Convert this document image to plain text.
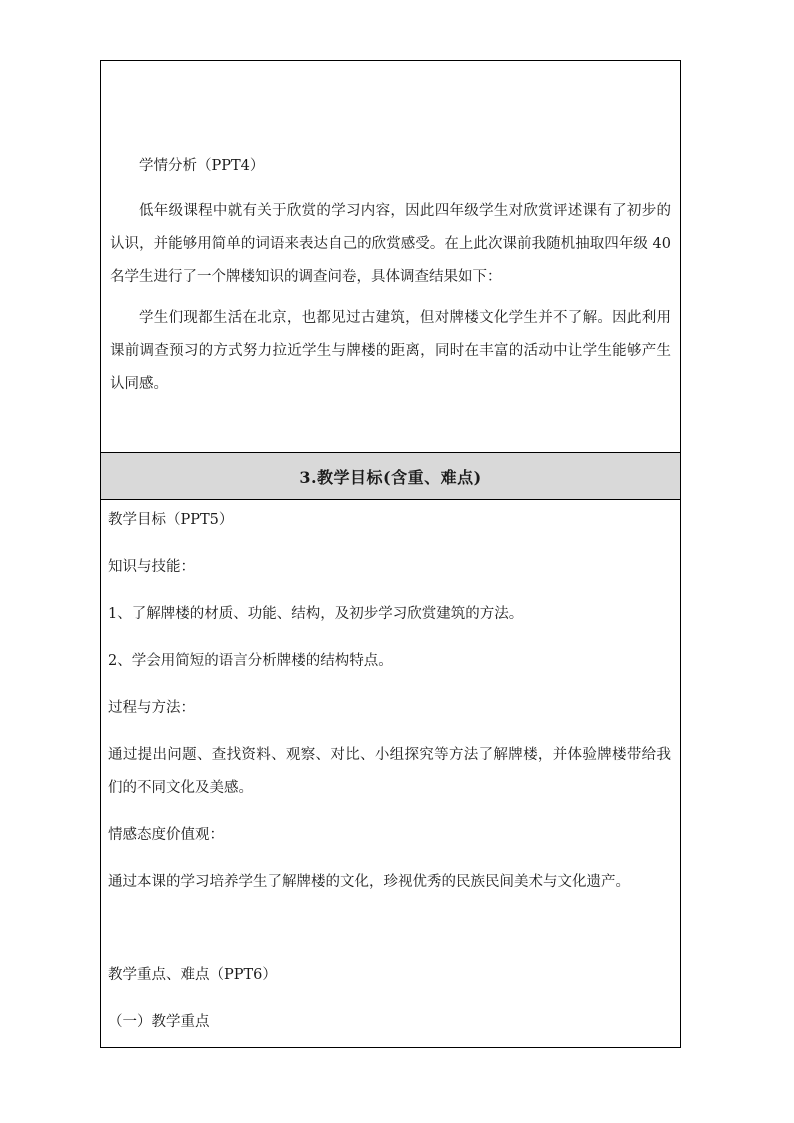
学情分析（PPT4）

低年级课程中就有关于欣赏的学习内容，因此四年级学生对欣赏评述课有了初步的认识，并能够用简单的词语来表达自己的欣赏感受。在上此次课前我随机抽取四年级 40 名学生进行了一个牌楼知识的调查问卷，具体调查结果如下：

学生们现都生活在北京，也都见过古建筑，但对牌楼文化学生并不了解。因此利用课前调查预习的方式努力拉近学生与牌楼的距离，同时在丰富的活动中让学生能够产生认同感。

3.教学目标(含重、难点)

教学目标（PPT5）

知识与技能：

1、了解牌楼的材质、功能、结构，及初步学习欣赏建筑的方法。

2、学会用简短的语言分析牌楼的结构特点。

过程与方法：

通过提出问题、查找资料、观察、对比、小组探究等方法了解牌楼，并体验牌楼带给我们的不同文化及美感。

情感态度价值观：

通过本课的学习培养学生了解牌楼的文化，珍视优秀的民族民间美术与文化遗产。

教学重点、难点（PPT6）

（一）教学重点
